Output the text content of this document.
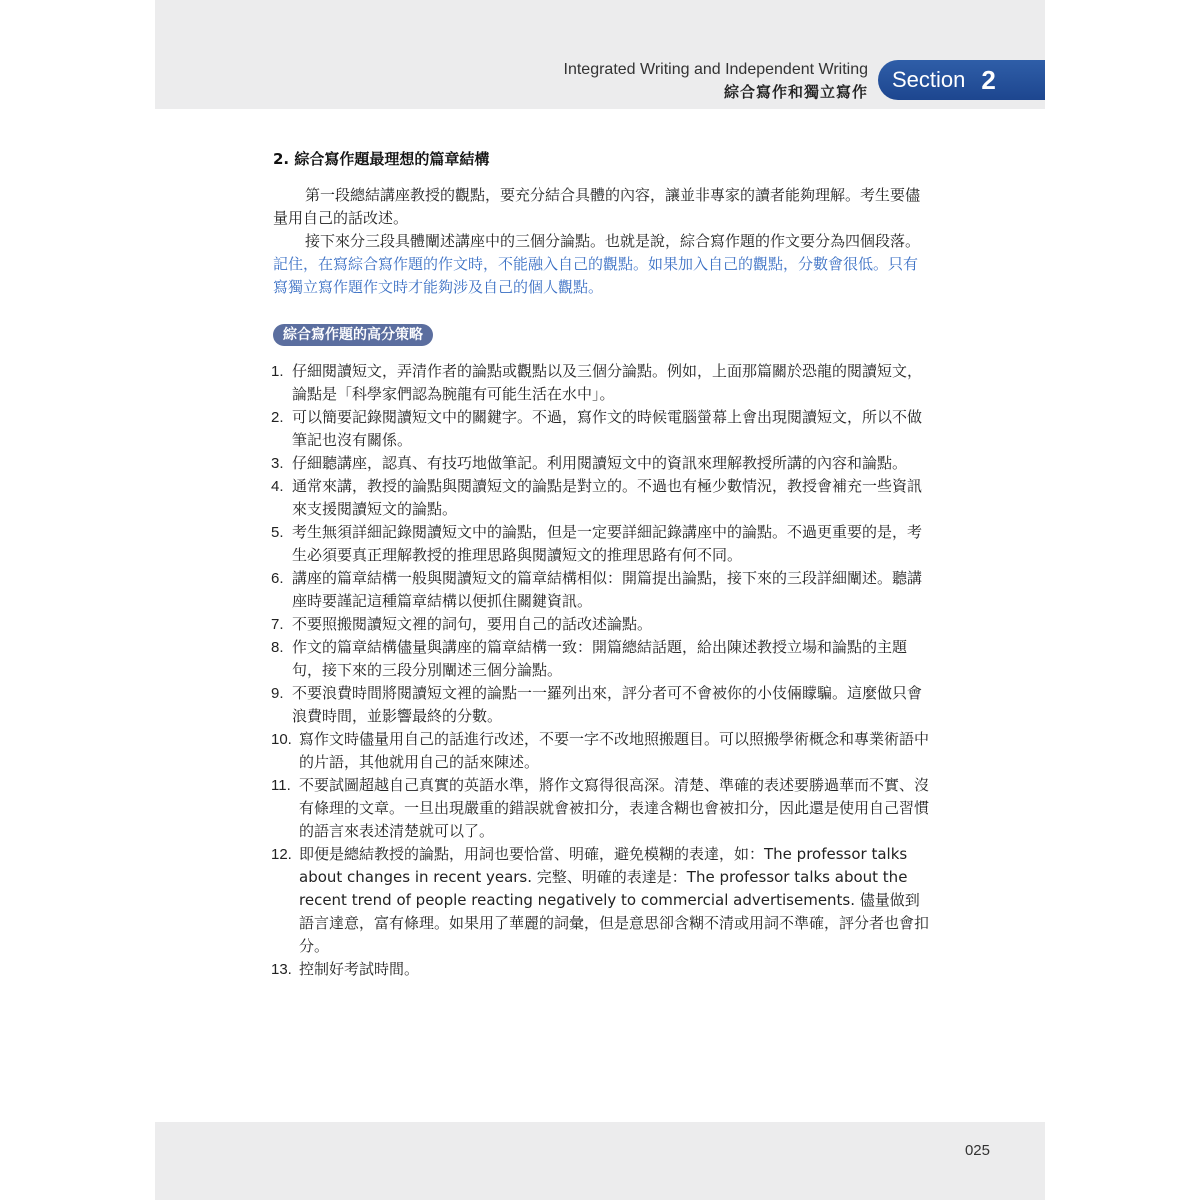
Integrated Writing and Independent Writing
綜合寫作和獨立寫作 Section 2
2. 綜合寫作題最理想的篇章結構

第一段總結講座教授的觀點，要充分結合具體的內容，讓並非專家的讀者能夠理解。考生要儘量用自己的話改述。

接下來分三段具體闡述講座中的三個分論點。也就是說，綜合寫作題的作文要分為四個段落。記住，在寫綜合寫作題的作文時，不能融入自己的觀點。如果加入自己的觀點，分數會很低。只有寫獨立寫作題作文時才能夠涉及自己的個人觀點。

綜合寫作題的高分策略
1. 仔細閱讀短文，弄清作者的論點或觀點以及三個分論點。例如，上面那篇關於恐龍的閱讀短文，論點是「科學家們認為腕龍有可能生活在水中」。
2. 可以簡要記錄閱讀短文中的關鍵字。不過，寫作文的時候電腦螢幕上會出現閱讀短文，所以不做筆記也沒有關係。
3. 仔細聽講座，認真、有技巧地做筆記。利用閱讀短文中的資訊來理解教授所講的內容和論點。
4. 通常來講，教授的論點與閱讀短文的論點是對立的。不過也有極少數情況，教授會補充一些資訊來支援閱讀短文的論點。
5. 考生無須詳細記錄閱讀短文中的論點，但是一定要詳細記錄講座中的論點。不過更重要的是，考生必須要真正理解教授的推理思路與閱讀短文的推理思路有何不同。
6. 講座的篇章結構一般與閱讀短文的篇章結構相似：開篇提出論點，接下來的三段詳細闡述。聽講座時要謹記這種篇章結構以便抓住關鍵資訊。
7. 不要照搬閱讀短文裡的詞句，要用自己的話改述論點。
8. 作文的篇章結構儘量與講座的篇章結構一致：開篇總結話題，給出陳述教授立場和論點的主題句，接下來的三段分別闡述三個分論點。
9. 不要浪費時間將閱讀短文裡的論點一一羅列出來，評分者可不會被你的小伎倆矇騙。這麼做只會浪費時間，並影響最終的分數。
10. 寫作文時儘量用自己的話進行改述，不要一字不改地照搬題目。可以照搬學術概念和專業術語中的片語，其他就用自己的話來陳述。
11. 不要試圖超越自己真實的英語水準，將作文寫得很高深。清楚、準確的表述要勝過華而不實、沒有條理的文章。一旦出現嚴重的錯誤就會被扣分，表達含糊也會被扣分，因此還是使用自己習慣的語言來表述清楚就可以了。
12. 即便是總結教授的論點，用詞也要恰當、明確，避免模糊的表達，如：The professor talks about changes in recent years. 完整、明確的表達是：The professor talks about the recent trend of people reacting negatively to commercial advertisements. 儘量做到語言達意，富有條理。如果用了華麗的詞彙，但是意思卻含糊不清或用詞不準確，評分者也會扣分。
13. 控制好考試時間。
025
